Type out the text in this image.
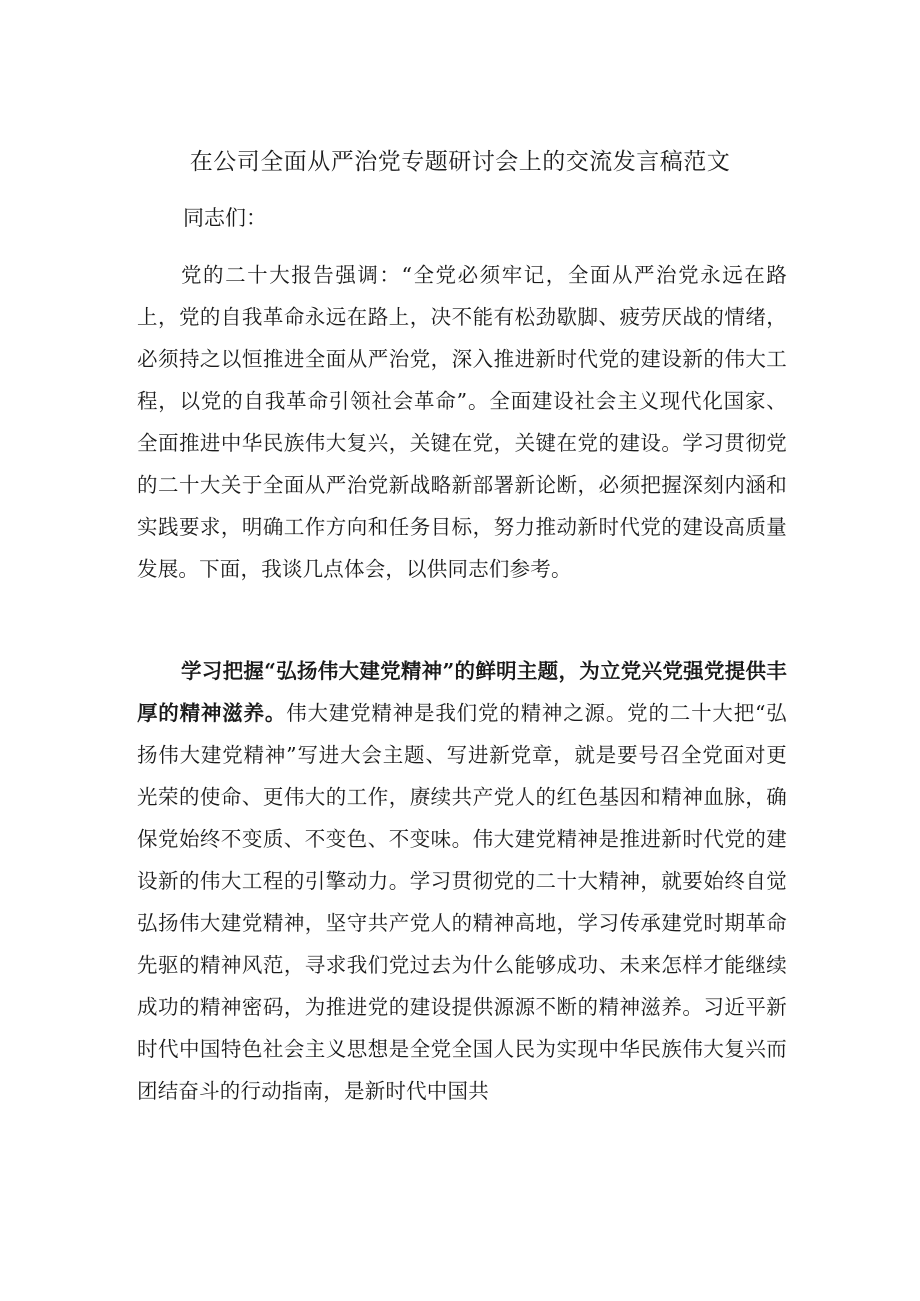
在公司全面从严治党专题研讨会上的交流发言稿范文

同志们：

党的二十大报告强调：“全党必须牢记，全面从严治党永远在路上，党的自我革命永远在路上，决不能有松劲歇脚、疲劳厌战的情绪，必须持之以恒推进全面从严治党，深入推进新时代党的建设新的伟大工程，以党的自我革命引领社会革命”。全面建设社会主义现代化国家、全面推进中华民族伟大复兴，关键在党，关键在党的建设。学习贯彻党的二十大关于全面从严治党新战略新部署新论断，必须把握深刻内涵和实践要求，明确工作方向和任务目标，努力推动新时代党的建设高质量发展。下面，我谈几点体会，以供同志们参考。

学习把握“弘扬伟大建党精神”的鲜明主题，为立党兴党强党提供丰厚的精神滋养。伟大建党精神是我们党的精神之源。党的二十大把“弘扬伟大建党精神”写进大会主题、写进新党章，就是要号召全党面对更光荣的使命、更伟大的工作，赓续共产党人的红色基因和精神血脉，确保党始终不变质、不变色、不变味。伟大建党精神是推进新时代党的建设新的伟大工程的引擎动力。学习贯彻党的二十大精神，就要始终自觉弘扬伟大建党精神，坚守共产党人的精神高地，学习传承建党时期革命先驱的精神风范，寻求我们党过去为什么能够成功、未来怎样才能继续成功的精神密码，为推进党的建设提供源源不断的精神滋养。习近平新时代中国特色社会主义思想是全党全国人民为实现中华民族伟大复兴而团结奋斗的行动指南，是新时代中国共
